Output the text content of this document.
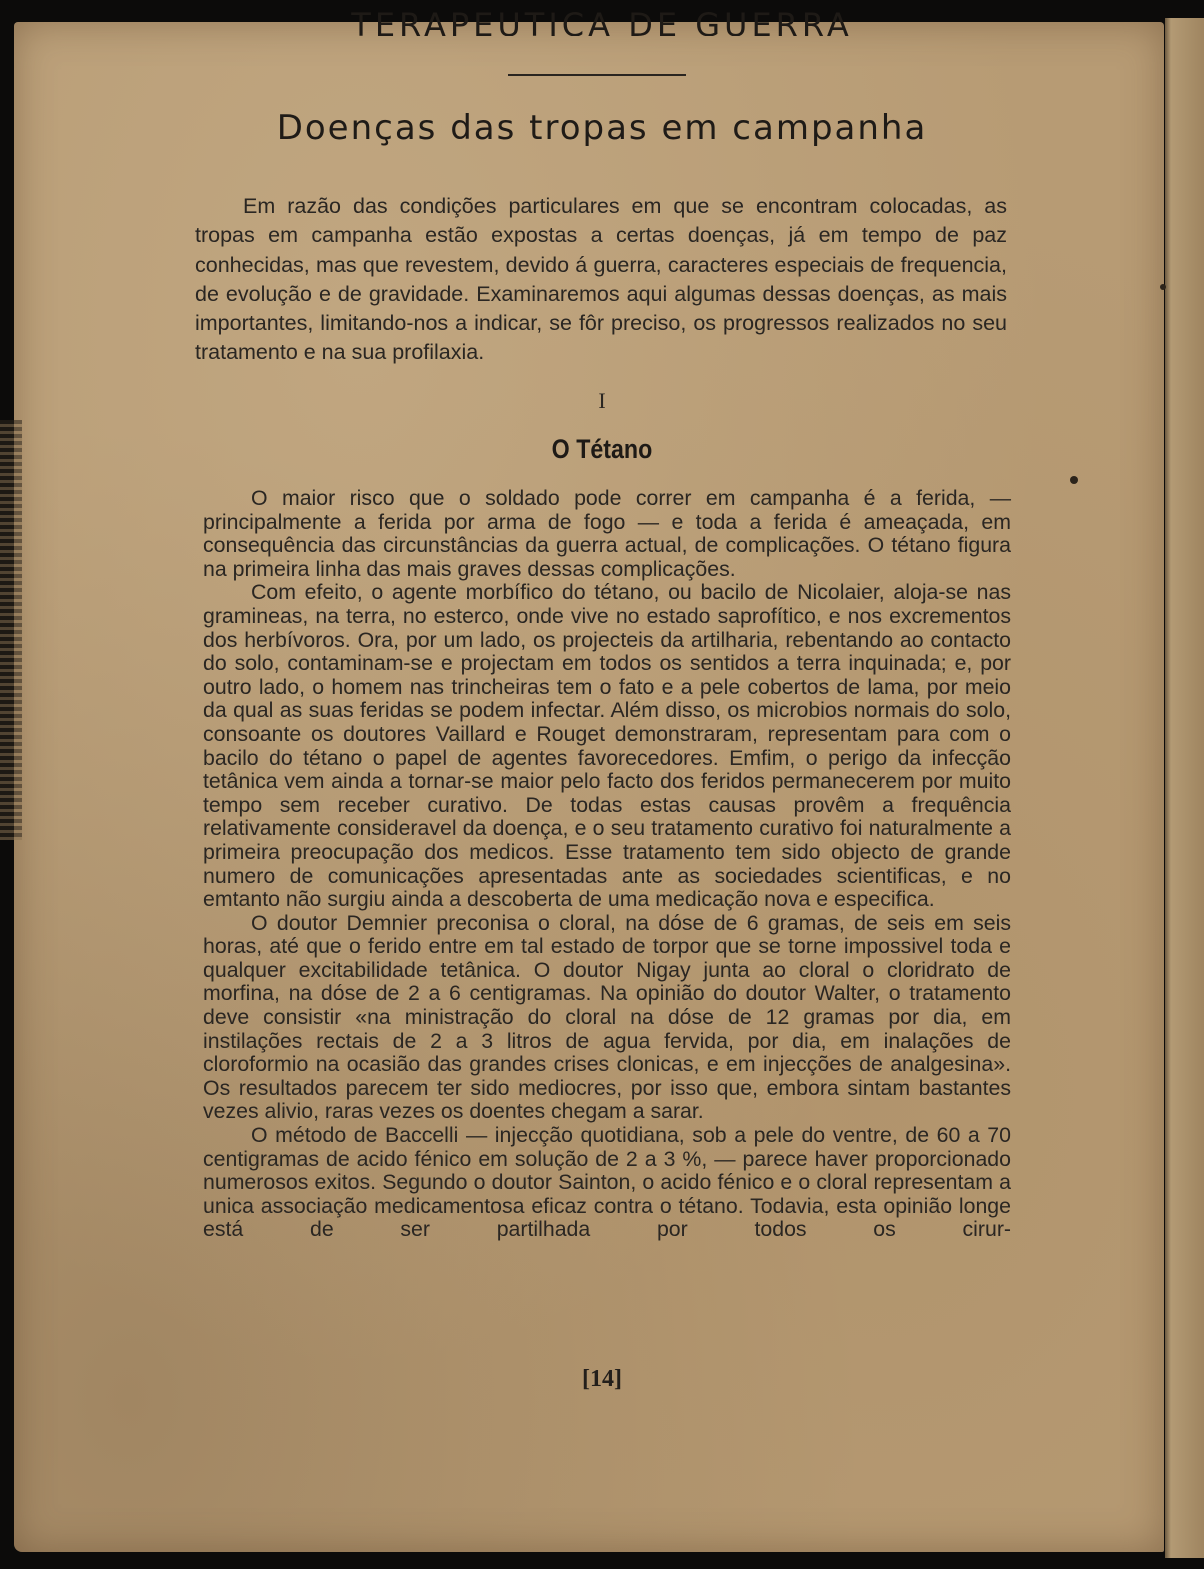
TERAPEUTICA DE GUERRA
Doenças das tropas em campanha

Em razão das condições particulares em que se encontram colocadas, as tropas em campanha estão expostas a certas doenças, já em tempo de paz conhecidas, mas que revestem, devido á guerra, caracteres especiais de frequencia, de evolução e de gravidade. Examinaremos aqui algumas dessas doenças, as mais importantes, limitando-nos a indicar, se fôr preciso, os progressos realizados no seu tratamento e na sua profilaxia.

I
O Tétano

O maior risco que o soldado pode correr em campanha é a ferida, — principalmente a ferida por arma de fogo — e toda a ferida é ameaçada, em consequência das circunstâncias da guerra actual, de complicações. O tétano figura na primeira linha das mais graves dessas complicações.

Com efeito, o agente morbífico do tétano, ou bacilo de Nicolaier, aloja-se nas gramineas, na terra, no esterco, onde vive no estado saprofítico, e nos excrementos dos herbívoros. Ora, por um lado, os projecteis da artilharia, rebentando ao contacto do solo, contaminam-se e projectam em todos os sentidos a terra inquinada; e, por outro lado, o homem nas trincheiras tem o fato e a pele cobertos de lama, por meio da qual as suas feridas se podem infectar. Além disso, os microbios normais do solo, consoante os doutores Vaillard e Rouget demonstraram, representam para com o bacilo do tétano o papel de agentes favorecedores. Emfim, o perigo da infecção tetânica vem ainda a tornar-se maior pelo facto dos feridos permanecerem por muito tempo sem receber curativo. De todas estas causas provêm a frequência relativamente consideravel da doença, e o seu tratamento curativo foi naturalmente a primeira preocupação dos medicos. Esse tratamento tem sido objecto de grande numero de comunicações apresentadas ante as sociedades scientificas, e no emtanto não surgiu ainda a descoberta de uma medicação nova e especifica.

O doutor Demnier preconisa o cloral, na dóse de 6 gramas, de seis em seis horas, até que o ferido entre em tal estado de torpor que se torne impossivel toda e qualquer excitabilidade tetânica. O doutor Nigay junta ao cloral o cloridrato de morfina, na dóse de 2 a 6 centigramas. Na opinião do doutor Walter, o tratamento deve consistir «na ministração do cloral na dóse de 12 gramas por dia, em instilações rectais de 2 a 3 litros de agua fervida, por dia, em inalações de cloroformio na ocasião das grandes crises clonicas, e em injecções de analgesina». Os resultados parecem ter sido mediocres, por isso que, embora sintam bastantes vezes alivio, raras vezes os doentes chegam a sarar.

O método de Baccelli — injecção quotidiana, sob a pele do ventre, de 60 a 70 centigramas de acido fénico em solução de 2 a 3 %, — parece haver proporcionado numerosos exitos. Segundo o doutor Sainton, o acido fénico e o cloral representam a unica associação medicamentosa eficaz contra o tétano. Todavia, esta opinião longe está de ser partilhada por todos os cirur-

[14]
